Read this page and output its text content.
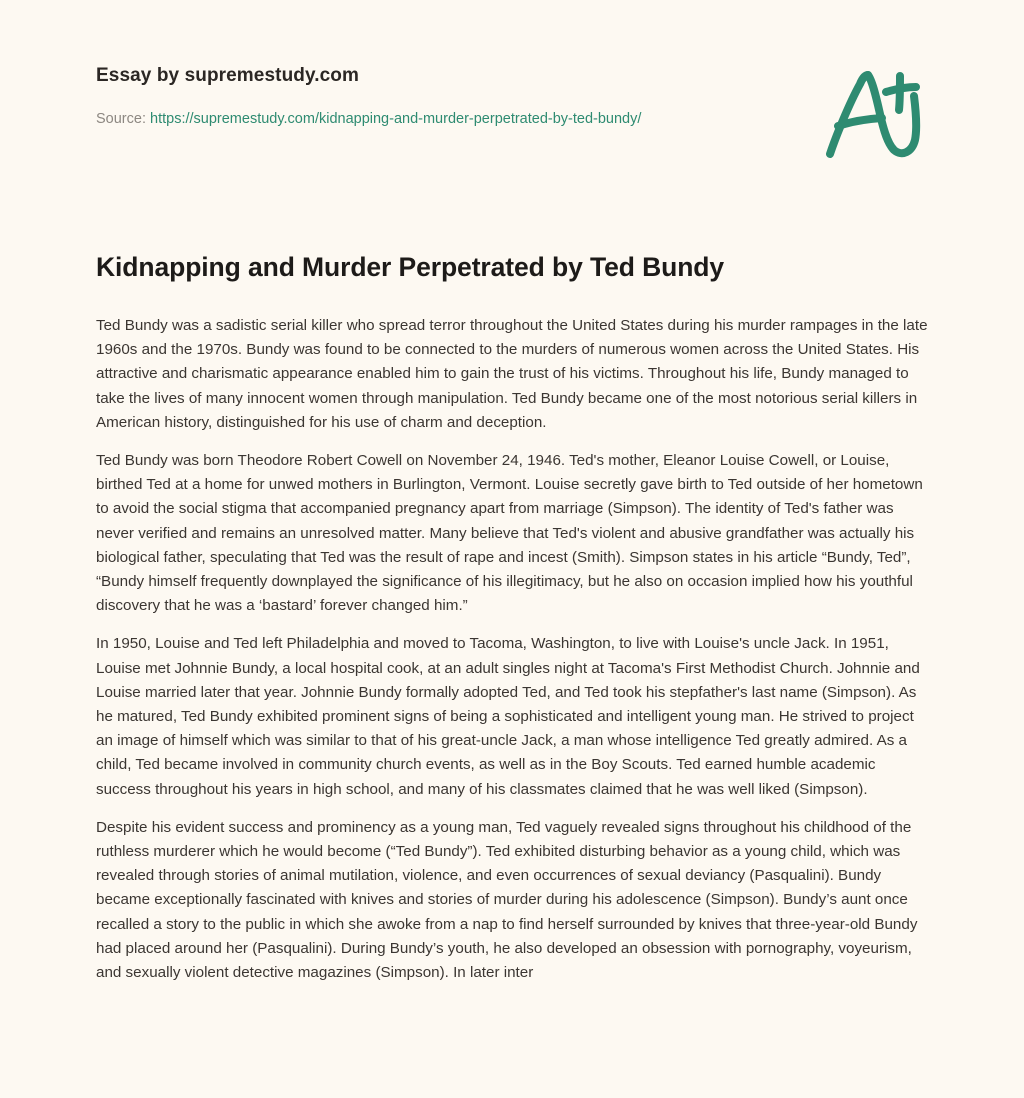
Essay by supremestudy.com

Source: https://supremestudy.com/kidnapping-and-murder-perpetrated-by-ted-bundy/

Kidnapping and Murder Perpetrated by Ted Bundy

Ted Bundy was a sadistic serial killer who spread terror throughout the United States during his murder rampages in the late 1960s and the 1970s. Bundy was found to be connected to the murders of numerous women across the United States. His attractive and charismatic appearance enabled him to gain the trust of his victims. Throughout his life, Bundy managed to take the lives of many innocent women through manipulation. Ted Bundy became one of the most notorious serial killers in American history, distinguished for his use of charm and deception.

Ted Bundy was born Theodore Robert Cowell on November 24, 1946. Ted's mother, Eleanor Louise Cowell, or Louise, birthed Ted at a home for unwed mothers in Burlington, Vermont. Louise secretly gave birth to Ted outside of her hometown to avoid the social stigma that accompanied pregnancy apart from marriage (Simpson). The identity of Ted's father was never verified and remains an unresolved matter. Many believe that Ted's violent and abusive grandfather was actually his biological father, speculating that Ted was the result of rape and incest (Smith). Simpson states in his article “Bundy, Ted”, “Bundy himself frequently downplayed the significance of his illegitimacy, but he also on occasion implied how his youthful discovery that he was a ‘bastard’ forever changed him.”

In 1950, Louise and Ted left Philadelphia and moved to Tacoma, Washington, to live with Louise's uncle Jack. In 1951, Louise met Johnnie Bundy, a local hospital cook, at an adult singles night at Tacoma's First Methodist Church. Johnnie and Louise married later that year. Johnnie Bundy formally adopted Ted, and Ted took his stepfather's last name (Simpson). As he matured, Ted Bundy exhibited prominent signs of being a sophisticated and intelligent young man. He strived to project an image of himself which was similar to that of his great-uncle Jack, a man whose intelligence Ted greatly admired. As a child, Ted became involved in community church events, as well as in the Boy Scouts. Ted earned humble academic success throughout his years in high school, and many of his classmates claimed that he was well liked (Simpson).

Despite his evident success and prominency as a young man, Ted vaguely revealed signs throughout his childhood of the ruthless murderer which he would become (“Ted Bundy”). Ted exhibited disturbing behavior as a young child, which was revealed through stories of animal mutilation, violence, and even occurrences of sexual deviancy (Pasqualini). Bundy became exceptionally fascinated with knives and stories of murder during his adolescence (Simpson). Bundy’s aunt once recalled a story to the public in which she awoke from a nap to find herself surrounded by knives that three-year-old Bundy had placed around her (Pasqualini). During Bundy’s youth, he also developed an obsession with pornography, voyeurism, and sexually violent detective magazines (Simpson). In later inter
